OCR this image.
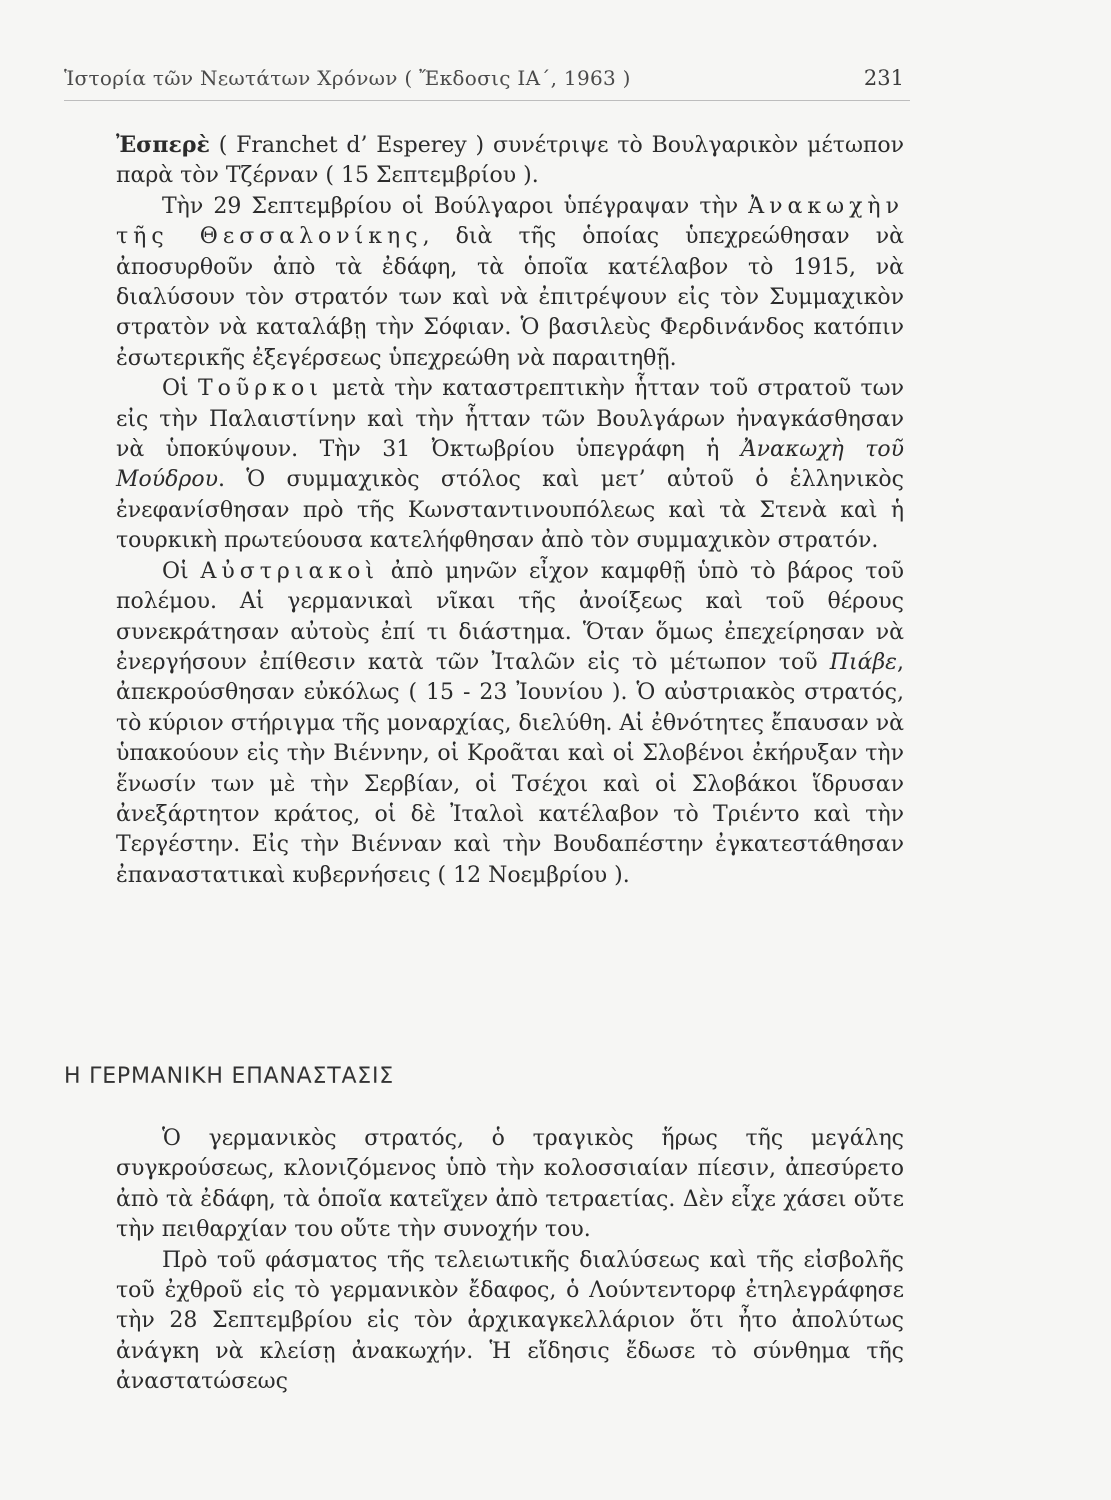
Ἱστορία τῶν Νεωτάτων Χρόνων ( Ἔκδοσις ΙΑ΄, 1963 )	231

Ἐσπερὲ ( Franchet d’ Esperey ) συνέτριψε τὸ Βουλγαρικὸν μέτωπον παρὰ τὸν Τζέρναν ( 15 Σεπτεμβρίου ).

Τὴν 29 Σεπτεμβρίου οἱ Βούλγαροι ὑπέγραψαν τὴν Ἀνακωχὴν τῆς Θεσσαλονίκης, διὰ τῆς ὁποίας ὑπεχρεώθησαν νὰ ἀποσυρθοῦν ἀπὸ τὰ ἐδάφη, τὰ ὁποῖα κατέλαβον τὸ 1915, νὰ διαλύσουν τὸν στρατόν των καὶ νὰ ἐπιτρέψουν εἰς τὸν Συμμαχικὸν στρατὸν νὰ καταλάβῃ τὴν Σόφιαν. Ὁ βασιλεὺς Φερδινάνδος κατόπιν ἐσωτερικῆς ἐξεγέρσεως ὑπεχρεώθη νὰ παραιτηθῇ.

Οἱ Τοῦρκοι μετὰ τὴν καταστρεπτικὴν ἧτταν τοῦ στρατοῦ των εἰς τὴν Παλαιστίνην καὶ τὴν ἧτταν τῶν Βουλγάρων ἠναγκάσθησαν νὰ ὑποκύψουν. Τὴν 31 Ὀκτωβρίου ὑπεγράφη ἡ Ἀνακωχὴ τοῦ Μούδρου. Ὁ συμμαχικὸς στόλος καὶ μετ’ αὐτοῦ ὁ ἑλληνικὸς ἐνεφανίσθησαν πρὸ τῆς Κωνσταντινουπόλεως καὶ τὰ Στενὰ καὶ ἡ τουρκικὴ πρωτεύουσα κατελήφθησαν ἀπὸ τὸν συμμαχικὸν στρατόν.

Οἱ Αὐστριακοὶ ἀπὸ μηνῶν εἶχον καμφθῇ ὑπὸ τὸ βάρος τοῦ πολέμου. Αἱ γερμανικαὶ νῖκαι τῆς ἀνοίξεως καὶ τοῦ θέρους συνεκράτησαν αὐτοὺς ἐπί τι διάστημα. Ὅταν ὅμως ἐπεχείρησαν νὰ ἐνεργήσουν ἐπίθεσιν κατὰ τῶν Ἰταλῶν εἰς τὸ μέτωπον τοῦ Πιάβε, ἀπεκρούσθησαν εὐκόλως ( 15 - 23 Ἰουνίου ). Ὁ αὐστριακὸς στρατός, τὸ κύριον στήριγμα τῆς μοναρχίας, διελύθη. Αἱ ἐθνότητες ἔπαυσαν νὰ ὑπακούουν εἰς τὴν Βιέννην, οἱ Κροᾶται καὶ οἱ Σλοβένοι ἐκήρυξαν τὴν ἕνωσίν των μὲ τὴν Σερβίαν, οἱ Τσέχοι καὶ οἱ Σλοβάκοι ἵδρυσαν ἀνεξάρτητον κράτος, οἱ δὲ Ἰταλοὶ κατέλαβον τὸ Τριέντο καὶ τὴν Τεργέστην. Εἰς τὴν Βιένναν καὶ τὴν Βουδαπέστην ἐγκατεστάθησαν ἐπαναστατικαὶ κυβερνήσεις ( 12 Νοεμβρίου ).

Η ΓΕΡΜΑΝΙΚΗ ΕΠΑΝΑΣΤΑΣΙΣ

Ὁ γερμανικὸς στρατός, ὁ τραγικὸς ἥρως τῆς μεγάλης συγκρούσεως, κλονιζόμενος ὑπὸ τὴν κολοσσιαίαν πίεσιν, ἀπεσύρετο ἀπὸ τὰ ἐδάφη, τὰ ὁποῖα κατεῖχεν ἀπὸ τετραετίας. Δὲν εἶχε χάσει οὔτε τὴν πειθαρχίαν του οὔτε τὴν συνοχήν του.

Πρὸ τοῦ φάσματος τῆς τελειωτικῆς διαλύσεως καὶ τῆς εἰσβολῆς τοῦ ἐχθροῦ εἰς τὸ γερμανικὸν ἔδαφος, ὁ Λούντεντορφ ἐτηλεγράφησε τὴν 28 Σεπτεμβρίου εἰς τὸν ἀρχικαγκελλάριον ὅτι ἦτο ἀπολύτως ἀνάγκη νὰ κλείσῃ ἀνακωχήν. Ἡ εἴδησις ἔδωσε τὸ σύνθημα τῆς ἀναστατώσεως
